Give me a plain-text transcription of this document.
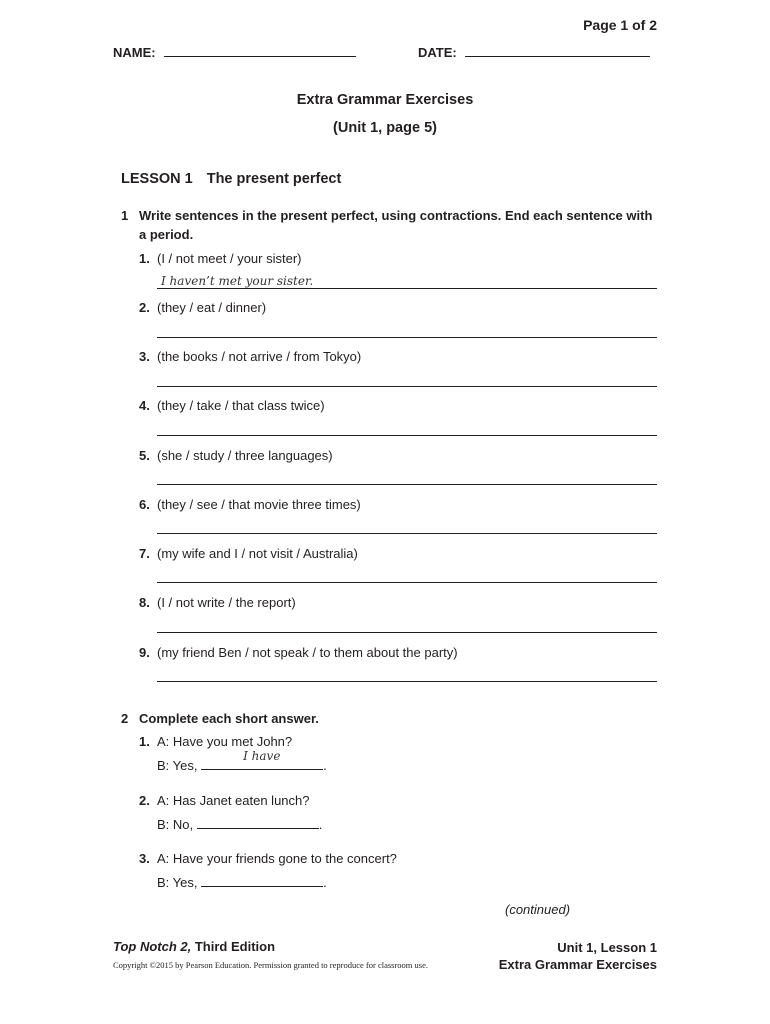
Page 1 of 2
NAME:	DATE:
Extra Grammar Exercises
(Unit 1, page 5)
LESSON 1 The present perfect
1 Write sentences in the present perfect, using contractions. End each sentence with a period.
1. (I / not meet / your sister)
I haven’t met your sister.
2. (they / eat / dinner)
3. (the books / not arrive / from Tokyo)
4. (they / take / that class twice)
5. (she / study / three languages)
6. (they / see / that movie three times)
7. (my wife and I / not visit / Australia)
8. (I / not write / the report)
9. (my friend Ben / not speak / to them about the party)
2 Complete each short answer.
1. A: Have you met John?
B: Yes,
I have
.
2. A: Has Janet eaten lunch?
B: No,	.
3. A: Have your friends gone to the concert?
B: Yes,	.
(continued)
Top Notch 2, Third Edition
Copyright ©2015 by Pearson Education. Permission granted to reproduce for classroom use.
Unit 1, Lesson 1
Extra Grammar Exercises
